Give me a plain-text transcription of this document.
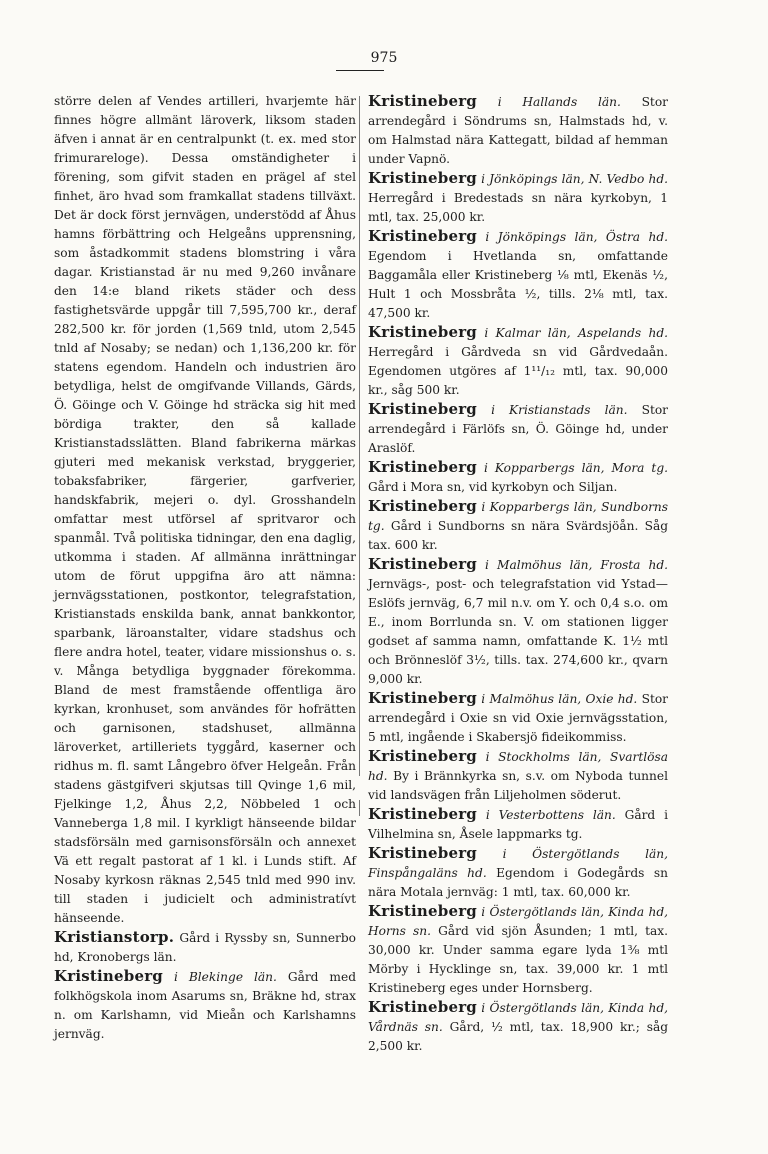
975

större delen af Vendes artilleri, hvarjemte här finnes högre allmänt läroverk, liksom staden äfven i annat är en centralpunkt (t. ex. med stor frimurareloge). Dessa omständigheter i förening, som gifvit staden en prägel af stel finhet, äro hvad som framkallat stadens tillväxt. Det är dock först jernvägen, understödd af Åhus hamns förbättring och Helgeåns upprensning, som åstadkommit stadens blomstring i våra dagar. Kristianstad är nu med 9,260 invånare den 14:e bland rikets städer och dess fastighetsvärde uppgår till 7,595,700 kr., deraf 282,500 kr. för jorden (1,569 tnld, utom 2,545 tnld af Nosaby; se nedan) och 1,136,200 kr. för statens egendom. Handeln och industrien äro betydliga, helst de omgifvande Villands, Gärds, Ö. Göinge och V. Göinge hd sträcka sig hit med bördiga trakter, den så kallade Kristianstadsslätten. Bland fabrikerna märkas gjuteri med mekanisk verkstad, bryggerier, tobaksfabriker, färgerier, garfverier, handskfabrik, mejeri o. dyl. Grosshandeln omfattar mest utförsel af spritvaror och spanmål. Två politiska tidningar, den ena daglig, utkomma i staden. Af allmänna inrättningar utom de förut uppgifna äro att nämna: jernvägsstationen, postkontor, telegrafstation, Kristianstads enskilda bank, annat bankkontor, sparbank, läroanstalter, vidare stadshus och flere andra hotel, teater, vidare missionshus o. s. v. Många betydliga byggnader förekomma. Bland de mest framstående offentliga äro kyrkan, kronhuset, som användes för hofrätten och garnisonen, stadshuset, allmänna läroverket, artilleriets tyggård, kaserner och ridhus m. fl. samt Långebro öfver Helgeån. Från stadens gästgifveri skjutsas till Qvinge 1,6 mil, Fjelkinge 1,2, Åhus 2,2, Nöbbeled 1 och Vanneberga 1,8 mil. I kyrkligt hänseende bildar stadsförsäln med garnisonsförsäln och annexet Vä ett regalt pastorat af 1 kl. i Lunds stift. Af Nosaby kyrkosn räknas 2,545 tnld med 990 inv. till staden i judicielt och administratívt hänseende.

Kristianstorp. Gård i Ryssby sn, Sunnerbo hd, Kronobergs län.

Kristineberg i Blekinge län. Gård med folkhögskola inom Asarums sn, Bräkne hd, strax n. om Karlshamn, vid Mieån och Karlshamns jernväg.

Kristineberg i Hallands län. Stor arrendegård i Söndrums sn, Halmstads hd, v. om Halmstad nära Kattegatt, bildad af hemman under Vapnö.

Kristineberg i Jönköpings län, N. Vedbo hd. Herregård i Bredestads sn nära kyrkobyn, 1 mtl, tax. 25,000 kr.

Kristineberg i Jönköpings län, Östra hd. Egendom i Hvetlanda sn, omfattande Baggamåla eller Kristineberg ⅛ mtl, Ekenäs ½, Hult 1 och Mossbråta ½, tills. 2⅛ mtl, tax. 47,500 kr.

Kristineberg i Kalmar län, Aspelands hd. Herregård i Gårdveda sn vid Gårdvedaån. Egendomen utgöres af 1¹¹/₁₂ mtl, tax. 90,000 kr., såg 500 kr.

Kristineberg i Kristianstads län. Stor arrendegård i Färlöfs sn, Ö. Göinge hd, under Araslöf.

Kristineberg i Kopparbergs län, Mora tg. Gård i Mora sn, vid kyrkobyn och Siljan.

Kristineberg i Kopparbergs län, Sundborns tg. Gård i Sundborns sn nära Svärdsjöån. Såg tax. 600 kr.

Kristineberg i Malmöhus län, Frosta hd. Jernvägs-, post- och telegrafstation vid Ystad—Eslöfs jernväg, 6,7 mil n.v. om Y. och 0,4 s.o. om E., inom Borrlunda sn. V. om stationen ligger godset af samma namn, omfattande K. 1½ mtl och Brönneslöf 3½, tills. tax. 274,600 kr., qvarn 9,000 kr.

Kristineberg i Malmöhus län, Oxie hd. Stor arrendegård i Oxie sn vid Oxie jernvägsstation, 5 mtl, ingående i Skabersjö fideikommiss.

Kristineberg i Stockholms län, Svartlösa hd. By i Brännkyrka sn, s.v. om Nyboda tunnel vid landsvägen från Liljeholmen söderut.

Kristineberg i Vesterbottens län. Gård i Vilhelmina sn, Åsele lappmarks tg.

Kristineberg i Östergötlands län, Finspångaläns hd. Egendom i Godegårds sn nära Motala jernväg: 1 mtl, tax. 60,000 kr.

Kristineberg i Östergötlands län, Kinda hd, Horns sn. Gård vid sjön Åsunden; 1 mtl, tax. 30,000 kr. Under samma egare lyda 1⅜ mtl Mörby i Hycklinge sn, tax. 39,000 kr. 1 mtl Kristineberg eges under Hornsberg.

Kristineberg i Östergötlands län, Kinda hd, Vårdnäs sn. Gård, ½ mtl, tax. 18,900 kr.; såg 2,500 kr.
